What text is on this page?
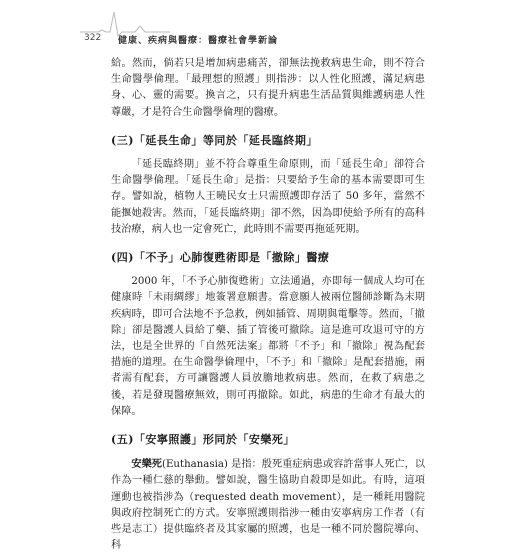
322 健康、疾病與醫療：醫療社會學新論

給。然而，倘若只是增加病患痛苦，卻無法挽救病患生命，則不符合生命醫學倫理。「最理想的照護」則指涉：以人性化照護，滿足病患身、心、靈的需要。換言之，只有提升病患生活品質與維護病患人性尊嚴，才是符合生命醫學倫理的醫療。

(三)「延長生命」等同於「延長臨終期」

「延長臨終期」並不符合尊重生命原則，而「延長生命」卻符合生命醫學倫理。「延長生命」是指：只要給予生命的基本需要即可生存。譬如說，植物人王曉民女士只需照護即存活了 50 多年，當然不能揠她殺害。然而，「延長臨終期」卻不然，因為即使給予所有的高科技治療，病人也一定會死亡，此時則不需要再拖延死期。

(四)「不予」心肺復甦術即是「撤除」醫療

2000 年，「不予心肺復甦術」立法通過，亦即每一個成人均可在健康時「未雨綢繆」地簽署意願書。當意願人被兩位醫師診斷為末期疾病時，即可合法地不予急救，例如插管、周期與電擊等。然而，「撤除」卻是醫護人員給了藥、插了管後可撤除。這是進可攻退可守的方法，也是全世界的「自然死法案」都將「不予」和「撤除」視為配套措施的道理。在生命醫學倫理中，「不予」和「撤除」是配套措施，兩者需有配套，方可讓醫護人員放膽地救病患。然而，在救了病患之後，若是發現醫療無效，則可再撤除。如此，病患的生命才有最大的保障。

(五)「安寧照護」形同於「安樂死」

安樂死(Euthanasia) 是指：殷死重症病患或容許當事人死亡，以作為一種仁慈的舉動。譬如說，醫生協助自殺即是如此。有時，這項運動也被指涉為（requested death movement），是一種耗用醫院與政府控制死亡的方式。安寧照護則指涉一種由安寧病房工作者（有些是志工）提供臨終者及其家屬的照護，也是一種不同於醫院導向、科
